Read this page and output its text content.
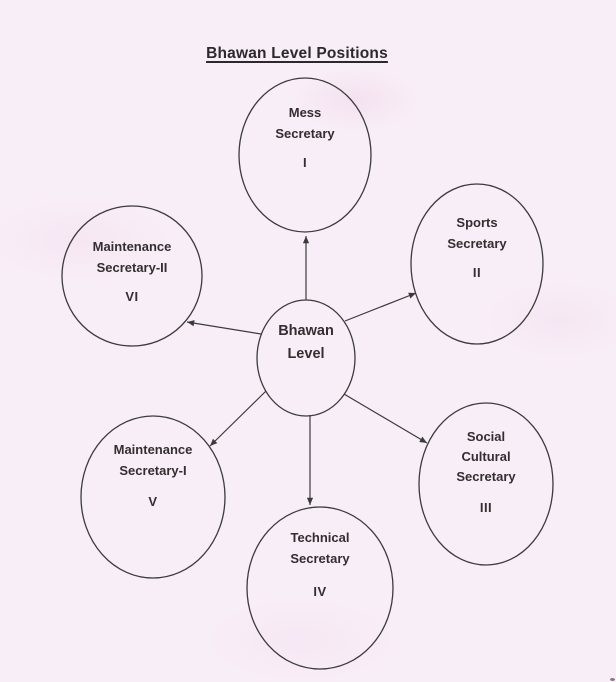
Bhawan Level Positions
Bhawan
Level
Mess
Secretary
I
Sports
Secretary
II
Social
Cultural
Secretary
III
Technical
Secretary
IV
Maintenance
Secretary-I
V
Maintenance
Secretary-II
VI
